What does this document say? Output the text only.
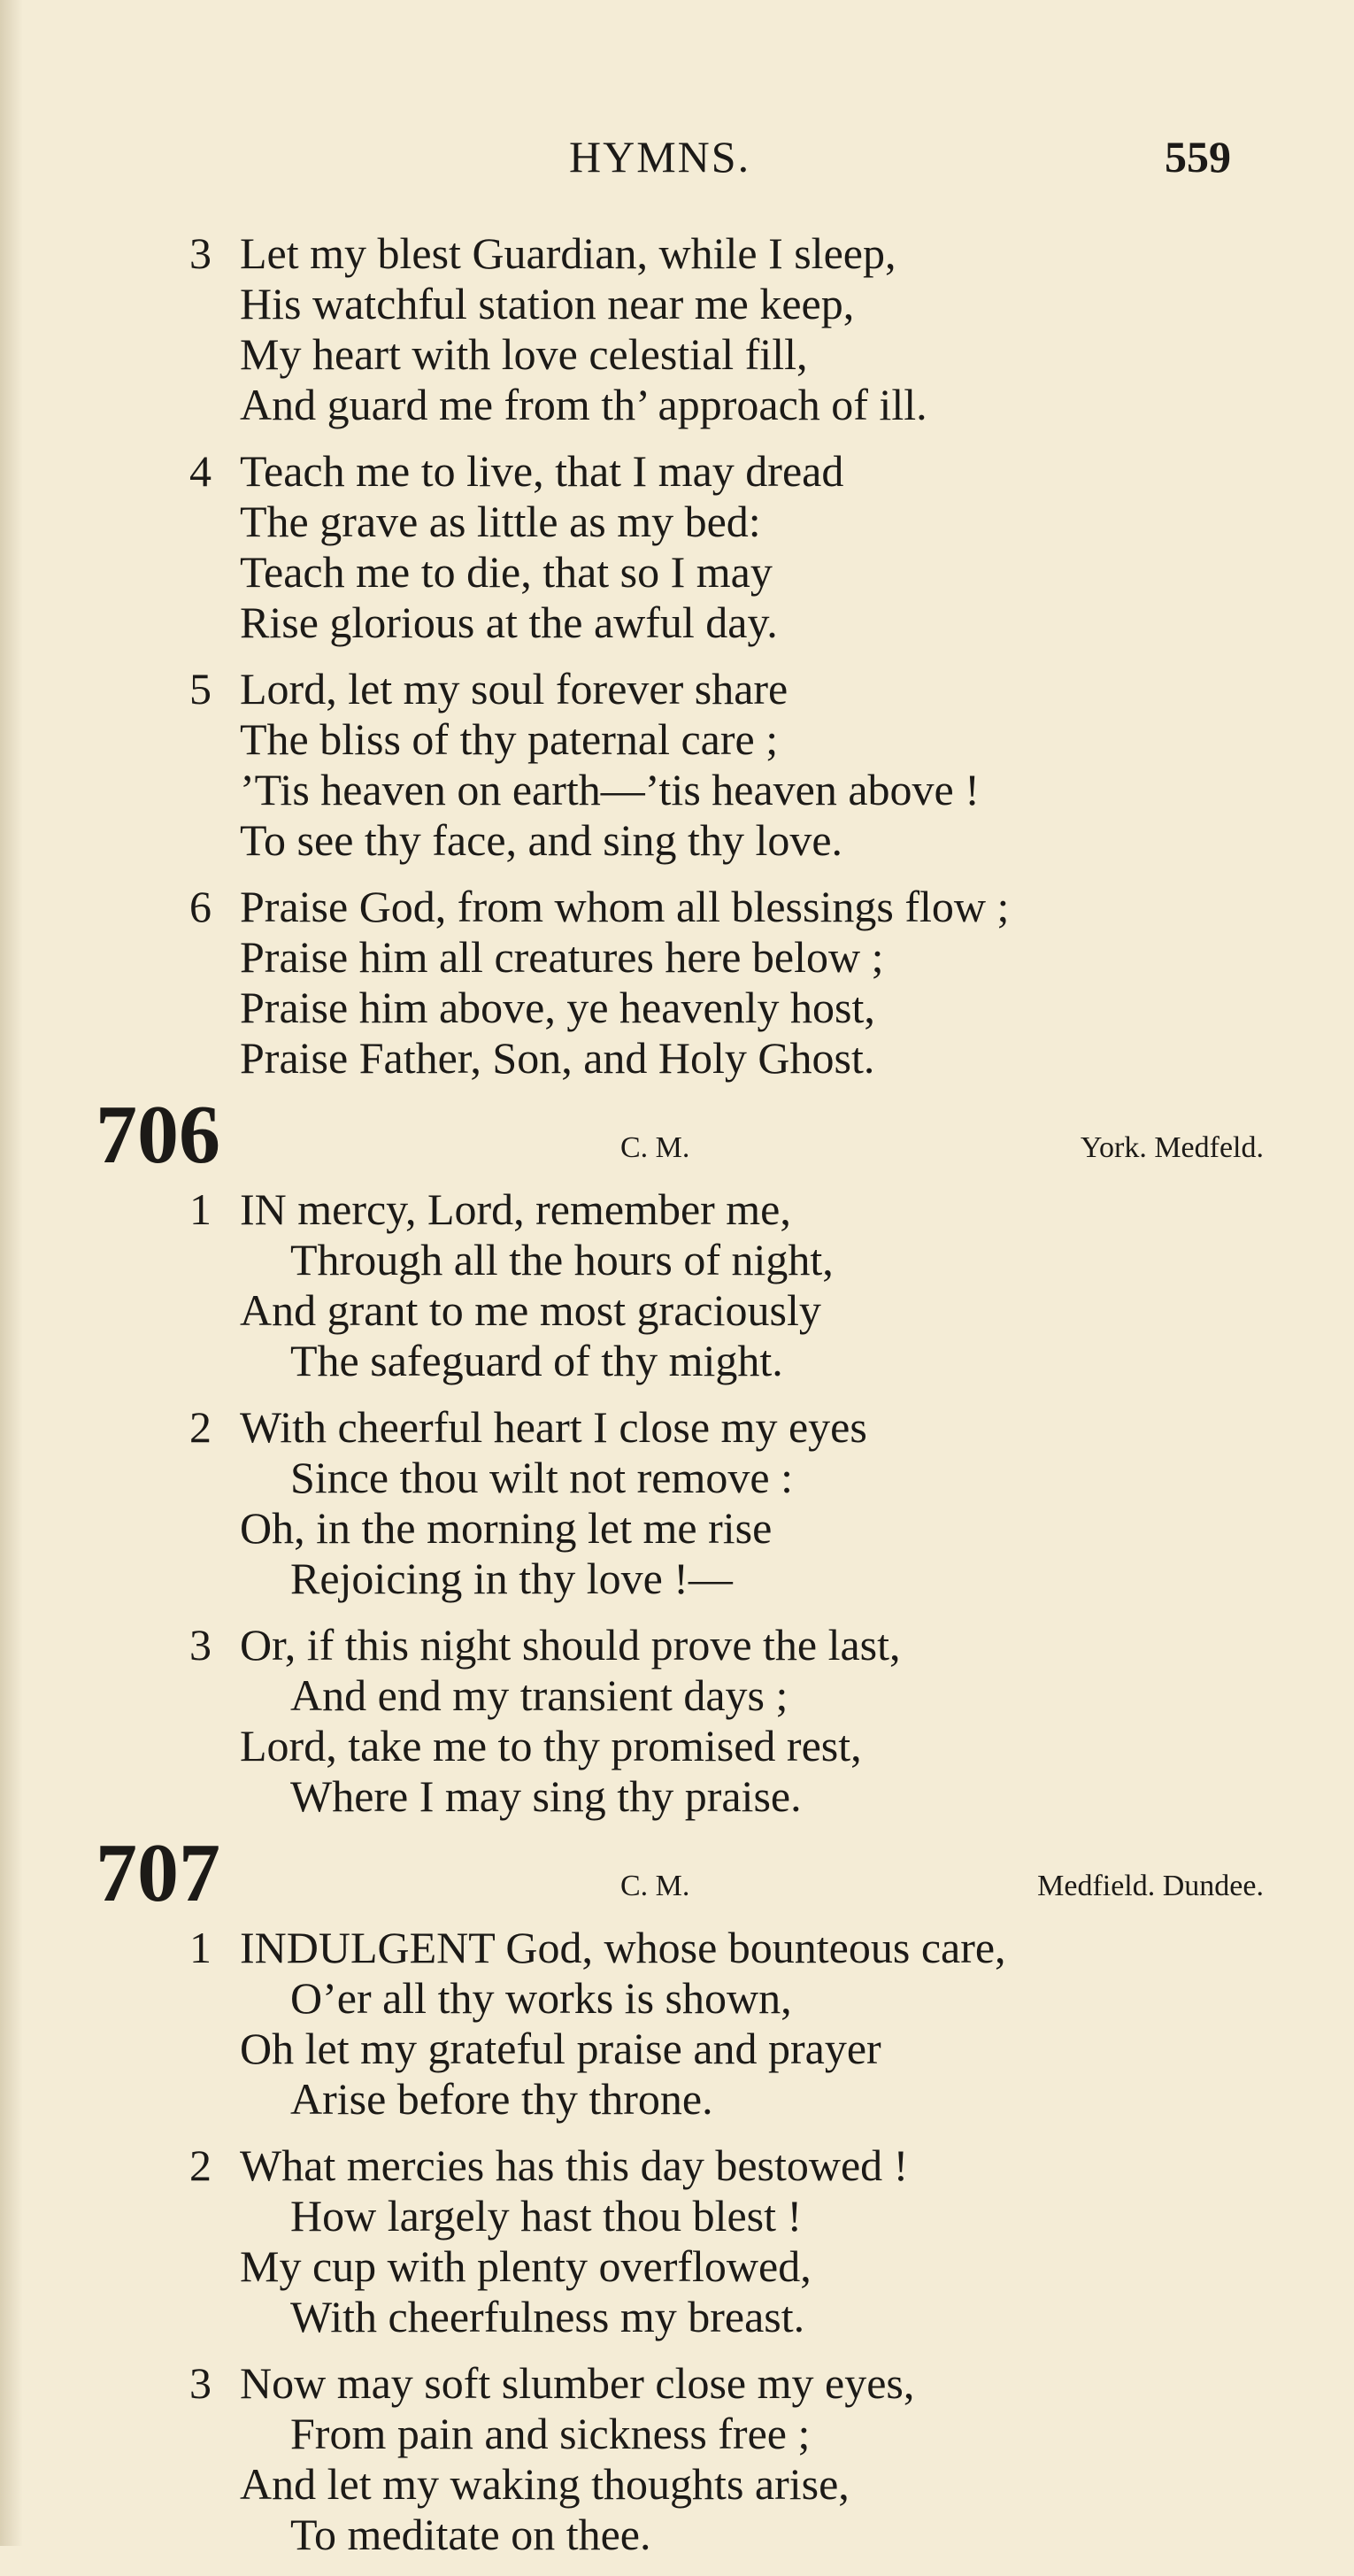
HYMNS.	559
3 Let my blest Guardian, while I sleep,
His watchful station near me keep,
My heart with love celestial fill,
And guard me from th’ approach of ill.
4 Teach me to live, that I may dread
The grave as little as my bed:
Teach me to die, that so I may
Rise glorious at the awful day.
5 Lord, let my soul forever share
The bliss of thy paternal care ;
’Tis heaven on earth—’tis heaven above !
To see thy face, and sing thy love.
6 Praise God, from whom all blessings flow ;
Praise him all creatures here below ;
Praise him above, ye heavenly host,
Praise Father, Son, and Holy Ghost.
706	C. M.	York. Medfeld.
1 IN mercy, Lord, remember me,
Through all the hours of night,
And grant to me most graciously
The safeguard of thy might.
2 With cheerful heart I close my eyes
Since thou wilt not remove :
Oh, in the morning let me rise
Rejoicing in thy love !—
3 Or, if this night should prove the last,
And end my transient days ;
Lord, take me to thy promised rest,
Where I may sing thy praise.
707	C. M.	Medfield. Dundee.
1 INDULGENT God, whose bounteous care,
O’er all thy works is shown,
Oh let my grateful praise and prayer
Arise before thy throne.
2 What mercies has this day bestowed !
How largely hast thou blest !
My cup with plenty overflowed,
With cheerfulness my breast.
3 Now may soft slumber close my eyes,
From pain and sickness free ;
And let my waking thoughts arise,
To meditate on thee.
